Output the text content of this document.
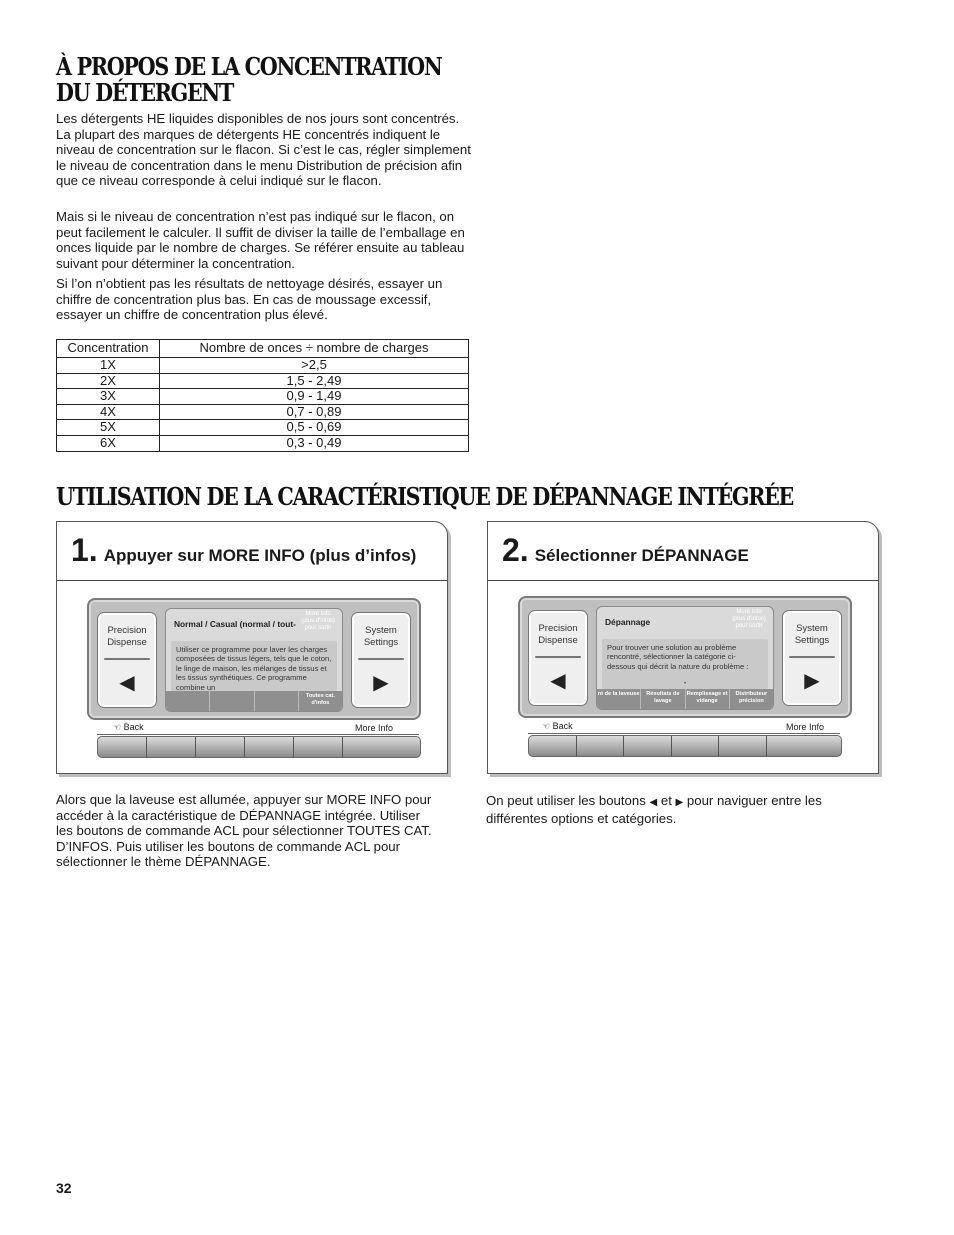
À PROPOS DE LA CONCENTRATION
DU DÉTERGENT

Les détergents HE liquides disponibles de nos jours sont concentrés. La plupart des marques de détergents HE concentrés indiquent le niveau de concentration sur le flacon. Si c’est le cas, régler simplement le niveau de concentration dans le menu Distribution de précision afin que ce niveau corresponde à celui indiqué sur le flacon.

Mais si le niveau de concentration n’est pas indiqué sur le flacon, on peut facilement le calculer. Il suffit de diviser la taille de l’emballage en onces liquide par le nombre de charges. Se référer ensuite au tableau suivant pour déterminer la concentration.

Si l’on n’obtient pas les résultats de nettoyage désirés, essayer un chiffre de concentration plus bas. En cas de moussage excessif, essayer un chiffre de concentration plus élevé.

Concentration	Nombre de onces ÷ nombre de charges
1X	>2,5
2X	1,5 - 2,49
3X	0,9 - 1,49
4X	0,7 - 0,89
5X	0,5 - 0,69
6X	0,3 - 0,49
UTILISATION DE LA CARACTÉRISTIQUE DE DÉPANNAGE INTÉGRÉE
1. Appuyer sur MORE INFO (plus d’infos)
Precision Dispense
◀
Normal / Casual (normal / tout-
More Info (plus d'infos) pour sortir
Utiliser ce programme pour laver les charges composées de tissus légers, tels que le coton, le linge de maison, les mélanges de tissus et les tissus synthétiques. Ce programme combine un
Toutes cat. d'infos
System Settings
▶
☜ Back	More Info

Alors que la laveuse est allumée, appuyer sur MORE INFO pour accéder à la caractéristique de DÉPANNAGE intégrée. Utiliser les boutons de commande ACL pour sélectionner TOUTES CAT. D’INFOS. Puis utiliser les boutons de commande ACL pour sélectionner le thème DÉPANNAGE.

2. Sélectionner DÉPANNAGE
Precision Dispense
◀
Dépannage
More Info (plus d'infos) pour sortir
Pour trouver une solution au problème rencontré, sélectionner la catégorie ci-dessous qui décrit la nature du problème :
•
nt de la laveuse	Résultats de lavage
Remplissage et vidange
Distributeur précision
System Settings
▶
☜ Back	More Info

On peut utiliser les boutons ◀ et ▶ pour naviguer entre les différentes options et catégories.

32
